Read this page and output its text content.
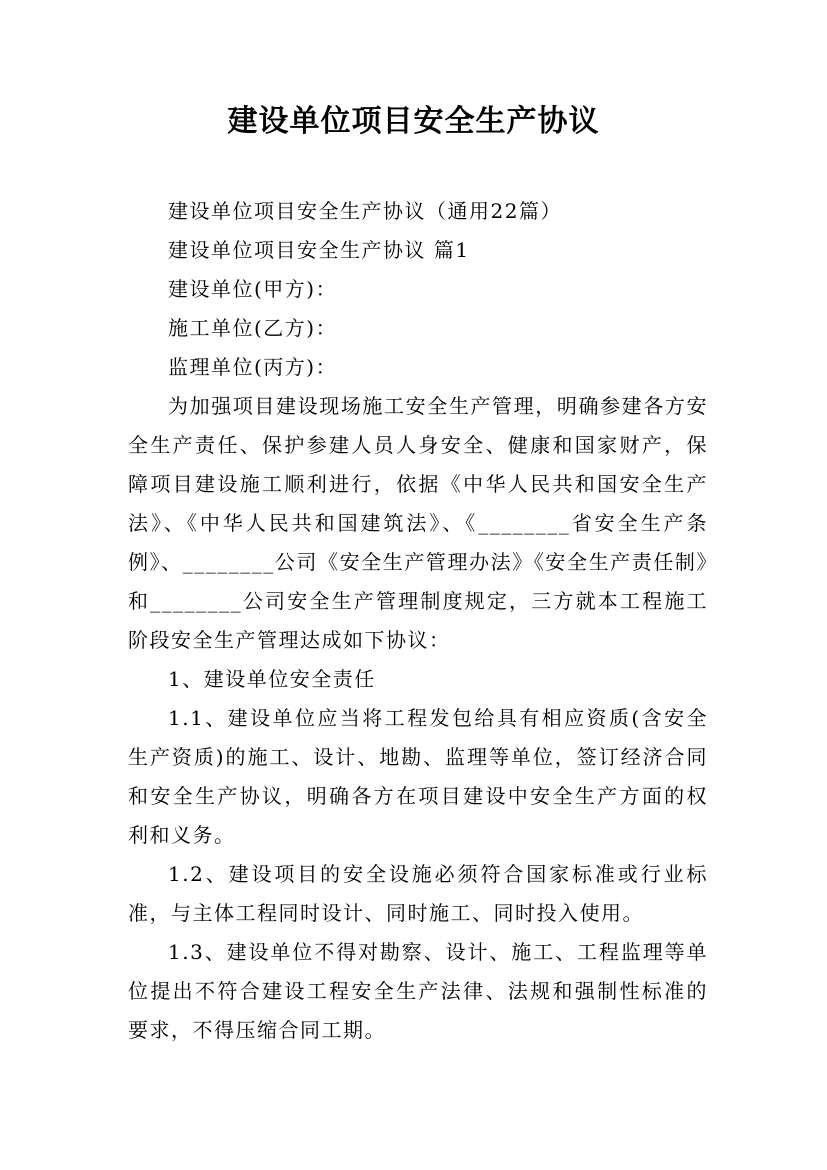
建设单位项目安全生产协议

建设单位项目安全生产协议（通用22篇）

建设单位项目安全生产协议 篇1

建设单位(甲方)：

施工单位(乙方)：

监理单位(丙方)：

为加强项目建设现场施工安全生产管理，明确参建各方安全生产责任、保护参建人员人身安全、健康和国家财产，保障项目建设施工顺利进行，依据《中华人民共和国安全生产法》、《中华人民共和国建筑法》、《________省安全生产条例》、________公司《安全生产管理办法》《安全生产责任制》和________公司安全生产管理制度规定，三方就本工程施工阶段安全生产管理达成如下协议：

1、建设单位安全责任

1.1、建设单位应当将工程发包给具有相应资质(含安全生产资质)的施工、设计、地勘、监理等单位，签订经济合同和安全生产协议，明确各方在项目建设中安全生产方面的权利和义务。

1.2、建设项目的安全设施必须符合国家标准或行业标准，与主体工程同时设计、同时施工、同时投入使用。

1.3、建设单位不得对勘察、设计、施工、工程监理等单位提出不符合建设工程安全生产法律、法规和强制性标准的要求，不得压缩合同工期。
